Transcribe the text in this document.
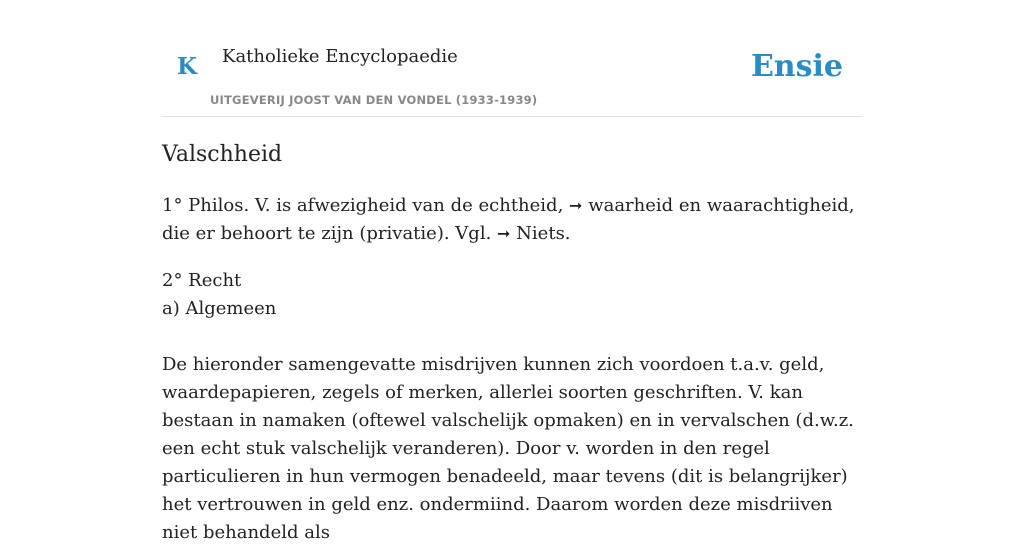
K Katholieke Encyclopaedie
UITGEVERIJ JOOST VAN DEN VONDEL (1933-1939)
Ensie
Valschheid

1° Philos. V. is afwezigheid van de echtheid, ➞ waarheid en waarachtigheid, die er behoort te zijn (privatie). Vgl. ➞ Niets.

2° Recht
a) Algemeen

De hieronder samengevatte misdrijven kunnen zich voordoen t.a.v. geld, waardepapieren, zegels of merken, allerlei soorten geschriften. V. kan bestaan in namaken (oftewel valschelijk opmaken) en in vervalschen (d.w.z. een echt stuk valschelijk veranderen). Door v. worden in den regel particulieren in hun vermogen benadeeld, maar tevens (dit is belangrijker) het vertrouwen in geld enz. ondermiind. Daarom worden deze misdriiven niet behandeld als
